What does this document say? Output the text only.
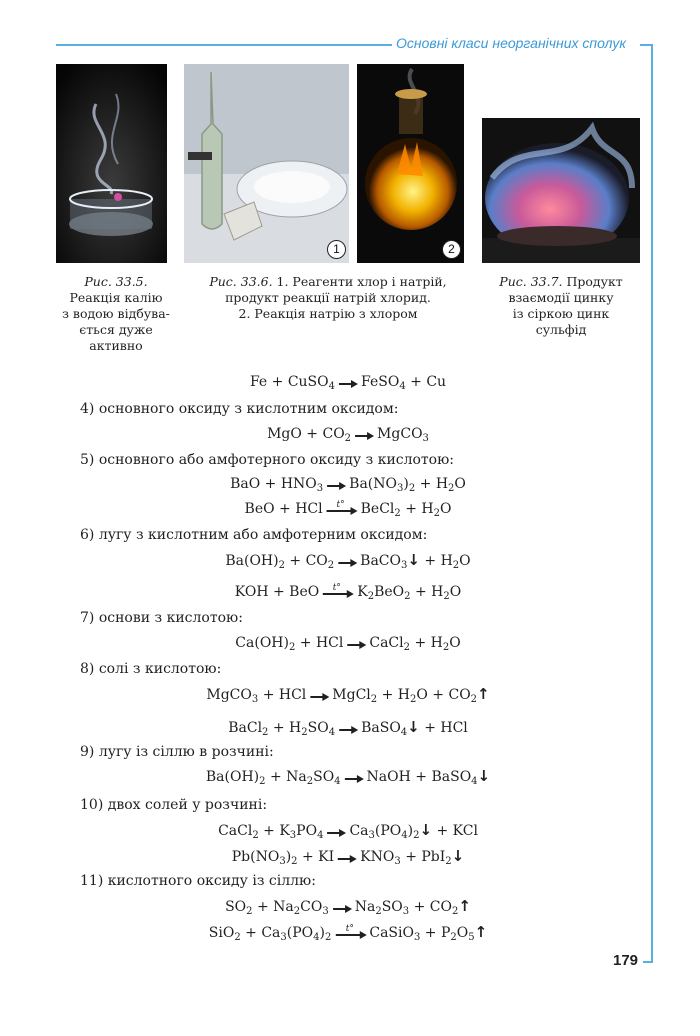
Основні класи неорганічних сполук
179
1	2
Рис. 33.5.
Реакція калію
з водою відбува-
ється дуже
активно
Рис. 33.6. 1. Реагенти хлор і натрій,
продукт реакції натрій хлорид.
2. Реакція натрію з хлором
Рис. 33.7. Продукт
взаємодії цинку
із сіркою цинк
сульфід
4) основного оксиду з кислотним оксидом:
5) основного або амфотерного оксиду з кислотою:
6) лугу з кислотним або амфотерним оксидом:
7) основи з кислотою:
8) солі з кислотою:
9) лугу із сіллю в розчині:
10) двох солей у розчині:
11) кислотного оксиду із сіллю:
Fe + CuSO$_4$ → FeSO$_4$ + Cu
MgO + $CO_2$ → MgCO$_3$
BaO + $HNO_3 \to Ba(NO_3)_2 + H_2O$
BeO + HCl t° BeCl$_2$ + $H_2O$
$Ba(OH)_2 + CO_2$ → BaCO$_3$↓ + $H_2O$
KOH + BeO t° $K_2BeO_2 + H_2O$
$Ca(OH)_2$ + HCl → CaCl$_2$ + $H_2O$
MgCO$_3$ + HCl → MgCl$_2$ + $H_2O$ + $CO_2↑$
BaCl$_2$ + $H_2SO_4$ → BaSO$_4$↓ + HCl
$Ba(OH)_2 + Na_2SO_4$ → NaOH + BaSO$_4$↓
CaCl$_2$ + $K_3PO_4$ → $Ca_3(PO_4)_2↓$ + KCl
$Pb(NO_3)_2$ + KI → $KNO_3$ + PbI$_2$↓
$SO_2 + Na_2CO_3 \to Na_2SO_3$ + $CO_2↑$
$SiO_2 + Ca_3(PO_4)_2$
t° CaSiO$_3$ + $P_2O_5↑$
